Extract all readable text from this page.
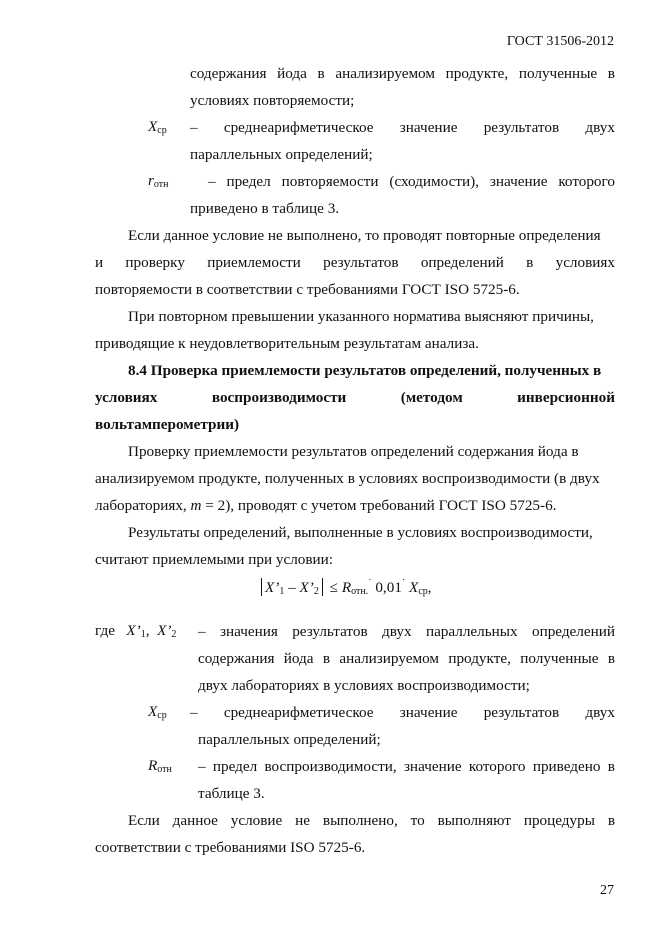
ГОСТ 31506-2012
содержания йода в анализируемом продукте, полученные в
условиях повторяемости;
$X_{ср}$ – среднеарифметическое значение результатов двух
параллельных определений;
$r_{отн}$	– предел повторяемости (сходимости), значение которого
приведено в таблице 3.
Если данное условие не выполнено, то проводят повторные определения
и проверку приемлемости результатов определений в условиях
повторяемости в соответствии с требованиями ГОСТ ISO 5725-6.
При повторном превышении указанного норматива выясняют причины,
приводящие к неудовлетворительным результатам анализа.
8.4 Проверка приемлемости результатов определений, полученных в
условиях	воспроизводимости	(методом	инверсионной
вольтамперометрии)
Проверку приемлемости результатов определений содержания йода в
анализируемом продукте, полученных в условиях воспроизводимости (в двух
лабораториях, m = 2), проводят с учетом требований ГОСТ ISO 5725-6.
Результаты определений, выполненные в условиях воспроизводимости,
считают приемлемыми при условии:
$X’_1$ – $X’_2 \le R_{отн.}^˙$ 0,01˙ $X_{ср}$,
где $X’_1$, $X’_2$ – значения результатов двух параллельных определений
содержания йода в анализируемом продукте, полученные в
двух лабораториях в условиях воспроизводимости;
$X_{ср}$ – среднеарифметическое значение результатов двух
параллельных определений;
$R_{отн}$ – предел воспроизводимости, значение которого приведено в
таблице 3.
Если данное условие не выполнено, то выполняют процедуры в
соответствии с требованиями ISO 5725-6.
27
